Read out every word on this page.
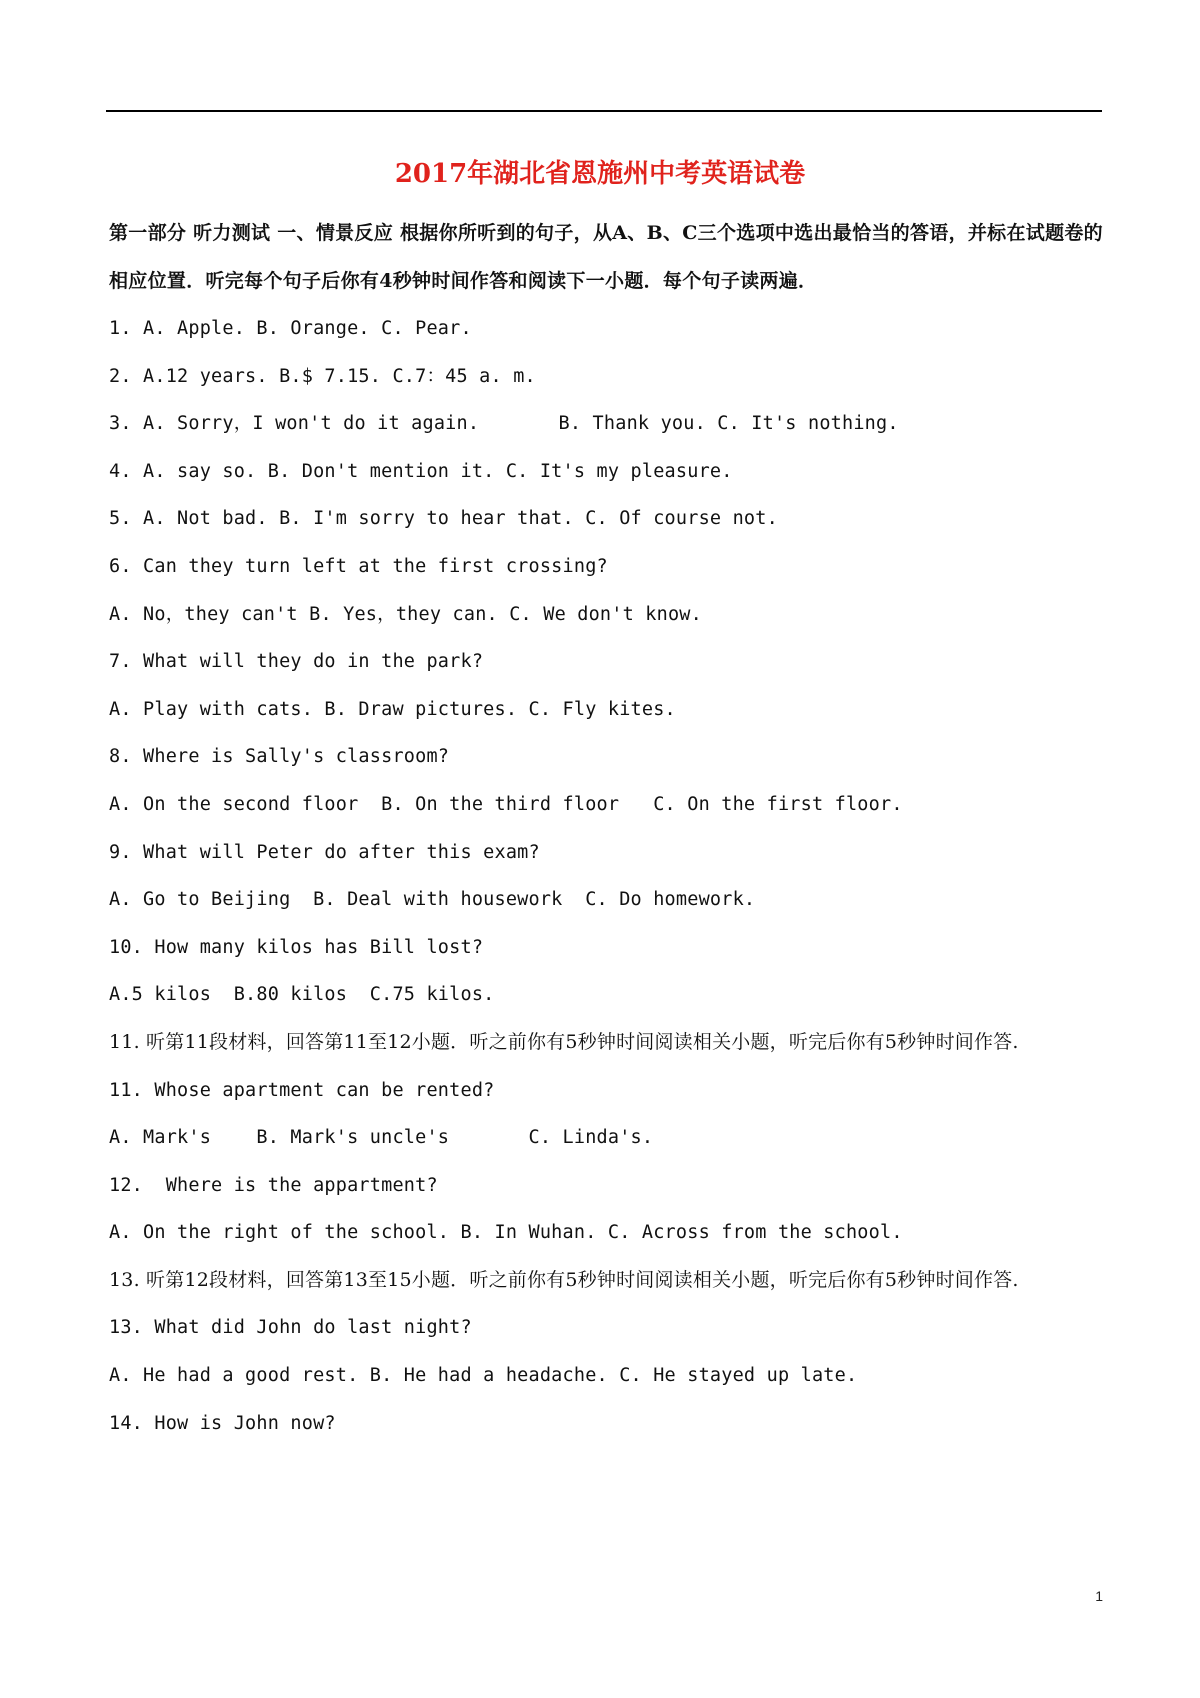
2017年湖北省恩施州中考英语试卷
第一部分 听力测试 一、情景反应 根据你所听到的句子，从A、B、C三个选项中选出最恰当的答语，并标在试题卷的相应位置．听完每个句子后你有4秒钟时间作答和阅读下一小题．每个句子读两遍．
1. A. Apple. B. Orange. C. Pear.
2. A.12 years. B.$ 7.15. C.7：45 a. m.
3. A. Sorry，I won't do it again.       B. Thank you. C. It's nothing.
4. A. say so. B. Don't mention it. C. It's my pleasure.
5. A. Not bad. B. I'm sorry to hear that. C. Of course not.
6. Can they turn left at the first crossing?
A. No，they can't B. Yes，they can. C. We don't know.
7. What will they do in the park?
A. Play with cats. B. Draw pictures. C. Fly kites.
8. Where is Sally's classroom?
A. On the second floor  B. On the third floor   C. On the first floor.
9. What will Peter do after this exam?
A. Go to Beijing  B. Deal with housework  C. Do homework.
10. How many kilos has Bill lost?
A.5 kilos  B.80 kilos  C.75 kilos.
11. 听第11段材料，回答第11至12小题．听之前你有5秒钟时间阅读相关小题，听完后你有5秒钟时间作答.
11. Whose apartment can be rented?
A. Mark's    B. Mark's uncle's       C. Linda's.
12.  Where is the appartment?
A. On the right of the school. B. In Wuhan. C. Across from the school.
13. 听第12段材料，回答第13至15小题．听之前你有5秒钟时间阅读相关小题，听完后你有5秒钟时间作答.
13. What did John do last night?
A. He had a good rest. B. He had a headache. C. He stayed up late.
14. How is John now?
1
